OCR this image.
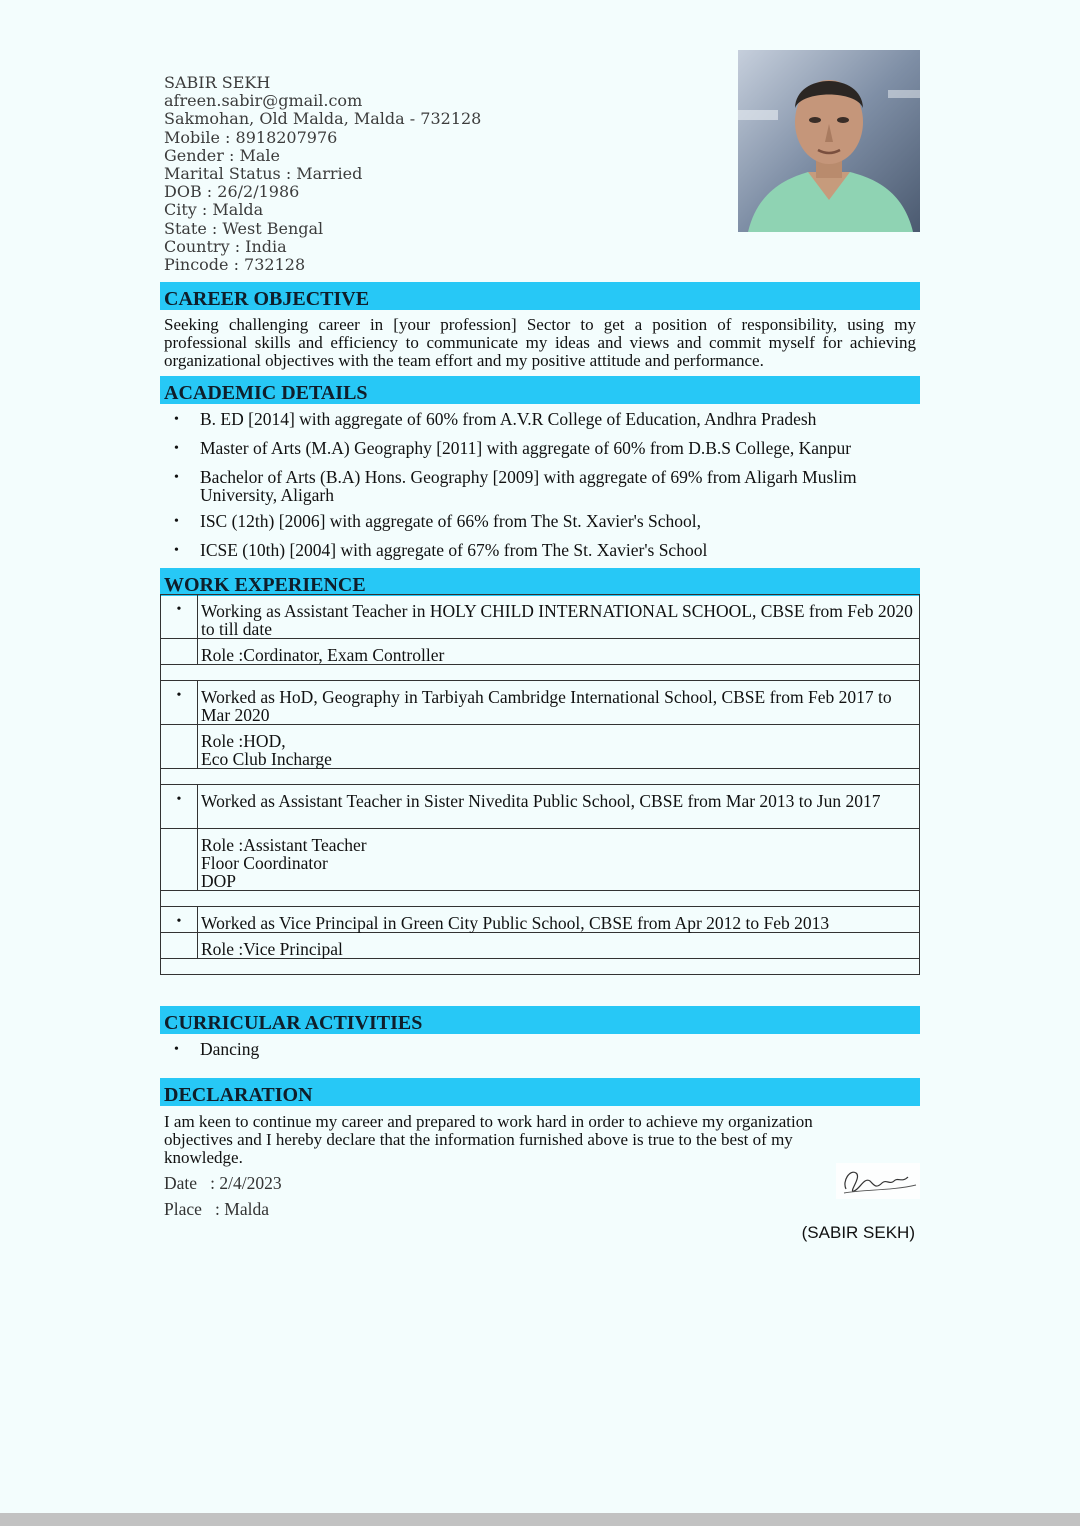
SABIR SEKH
afreen.sabir@gmail.com
Sakmohan, Old Malda, Malda - 732128
Mobile : 8918207976
Gender : Male
Marital Status : Married
DOB : 26/2/1986
City : Malda
State : West Bengal
Country : India
Pincode : 732128
CAREER OBJECTIVE
Seeking challenging career in [your profession] Sector to get a position of responsibility, using my professional skills and efficiency to communicate my ideas and views and commit myself for achieving organizational objectives with the team effort and my positive attitude and performance.
ACADEMIC DETAILS
• B. ED [2014] with aggregate of 60% from A.V.R College of Education, Andhra Pradesh
• Master of Arts (M.A) Geography [2011] with aggregate of 60% from D.B.S College, Kanpur
• Bachelor of Arts (B.A) Hons. Geography [2009] with aggregate of 69% from Aligarh Muslim University, Aligarh
• ISC (12th) [2006] with aggregate of 66% from The St. Xavier's School,
• ICSE (10th) [2004] with aggregate of 67% from The St. Xavier's School
WORK EXPERIENCE
•	Working as Assistant Teacher in HOLY CHILD INTERNATIONAL SCHOOL, CBSE from Feb 2020 to till date

	Role :Cordinator, Exam Controller

•	Worked as HoD, Geography in Tarbiyah Cambridge International School, CBSE from Feb 2017 to Mar 2020

	Role :HOD,
Eco Club Incharge

•	Worked as Assistant Teacher in Sister Nivedita Public School, CBSE from Mar 2013 to Jun 2017

	Role :Assistant Teacher
Floor Coordinator
DOP

•	Worked as Vice Principal in Green City Public School, CBSE from Apr 2012 to Feb 2013

	Role :Vice Principal

CURRICULAR ACTIVITIES
• Dancing
DECLARATION
I am keen to continue my career and prepared to work hard in order to achieve my organization objectives and I hereby declare that the information furnished above is true to the best of my knowledge.
Date   : 2/4/2023
Place   : Malda
(SABIR SEKH)
